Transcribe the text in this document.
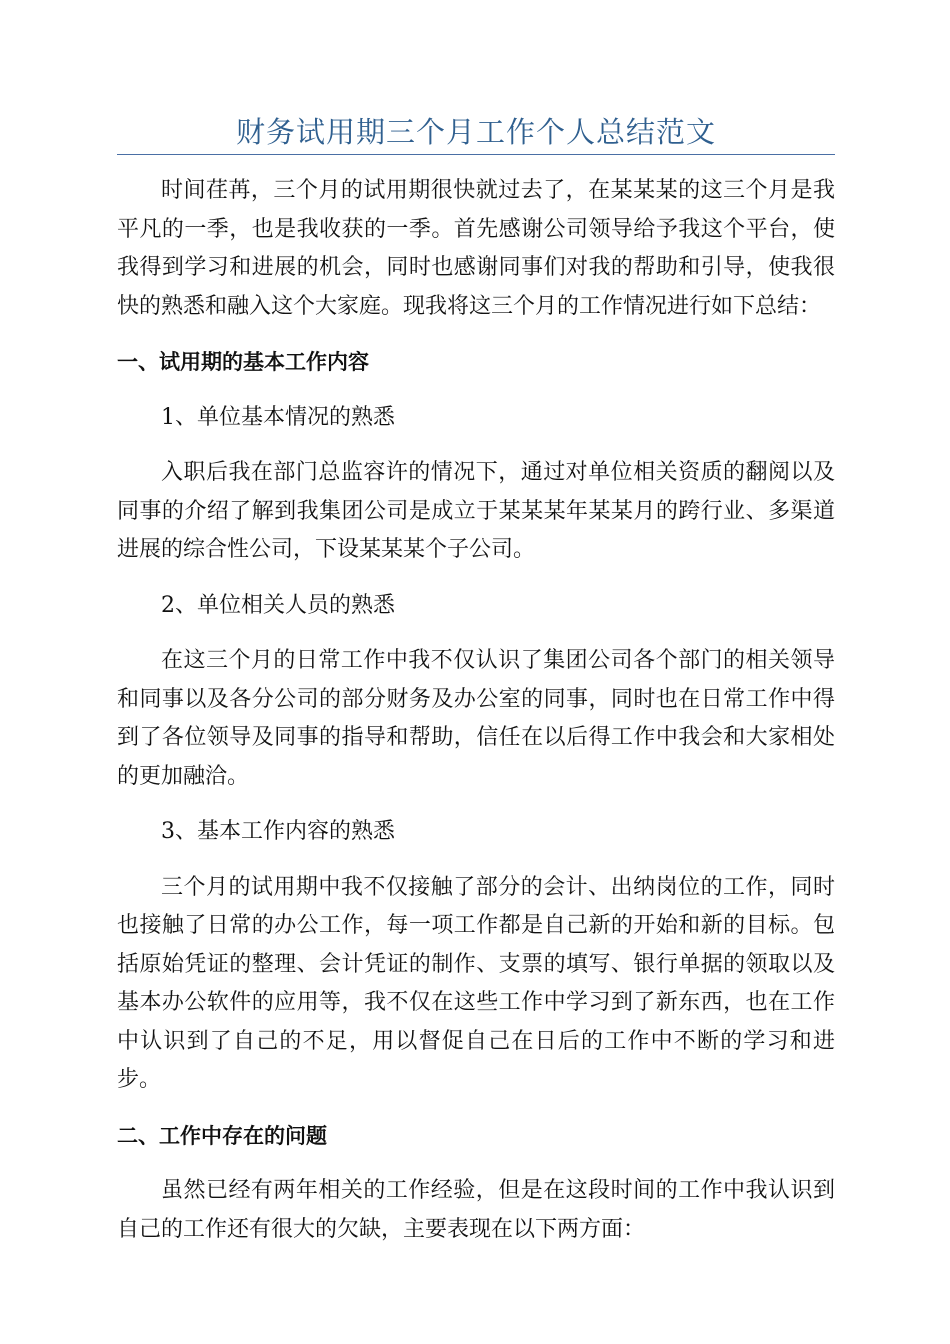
财务试用期三个月工作个人总结范文

时间荏苒，三个月的试用期很快就过去了，在某某某的这三个月是我平凡的一季，也是我收获的一季。首先感谢公司领导给予我这个平台，使我得到学习和进展的机会，同时也感谢同事们对我的帮助和引导，使我很快的熟悉和融入这个大家庭。现我将这三个月的工作情况进行如下总结：

一、试用期的基本工作内容
1、单位基本情况的熟悉

入职后我在部门总监容许的情况下，通过对单位相关资质的翻阅以及同事的介绍了解到我集团公司是成立于某某某年某某月的跨行业、多渠道进展的综合性公司，下设某某某个子公司。

2、单位相关人员的熟悉

在这三个月的日常工作中我不仅认识了集团公司各个部门的相关领导和同事以及各分公司的部分财务及办公室的同事，同时也在日常工作中得到了各位领导及同事的指导和帮助，信任在以后得工作中我会和大家相处的更加融洽。

3、基本工作内容的熟悉

三个月的试用期中我不仅接触了部分的会计、出纳岗位的工作，同时也接触了日常的办公工作，每一项工作都是自己新的开始和新的目标。包括原始凭证的整理、会计凭证的制作、支票的填写、银行单据的领取以及基本办公软件的应用等，我不仅在这些工作中学习到了新东西，也在工作中认识到了自己的不足，用以督促自己在日后的工作中不断的学习和进步。

二、工作中存在的问题

虽然已经有两年相关的工作经验，但是在这段时间的工作中我认识到自己的工作还有很大的欠缺，主要表现在以下两方面：
